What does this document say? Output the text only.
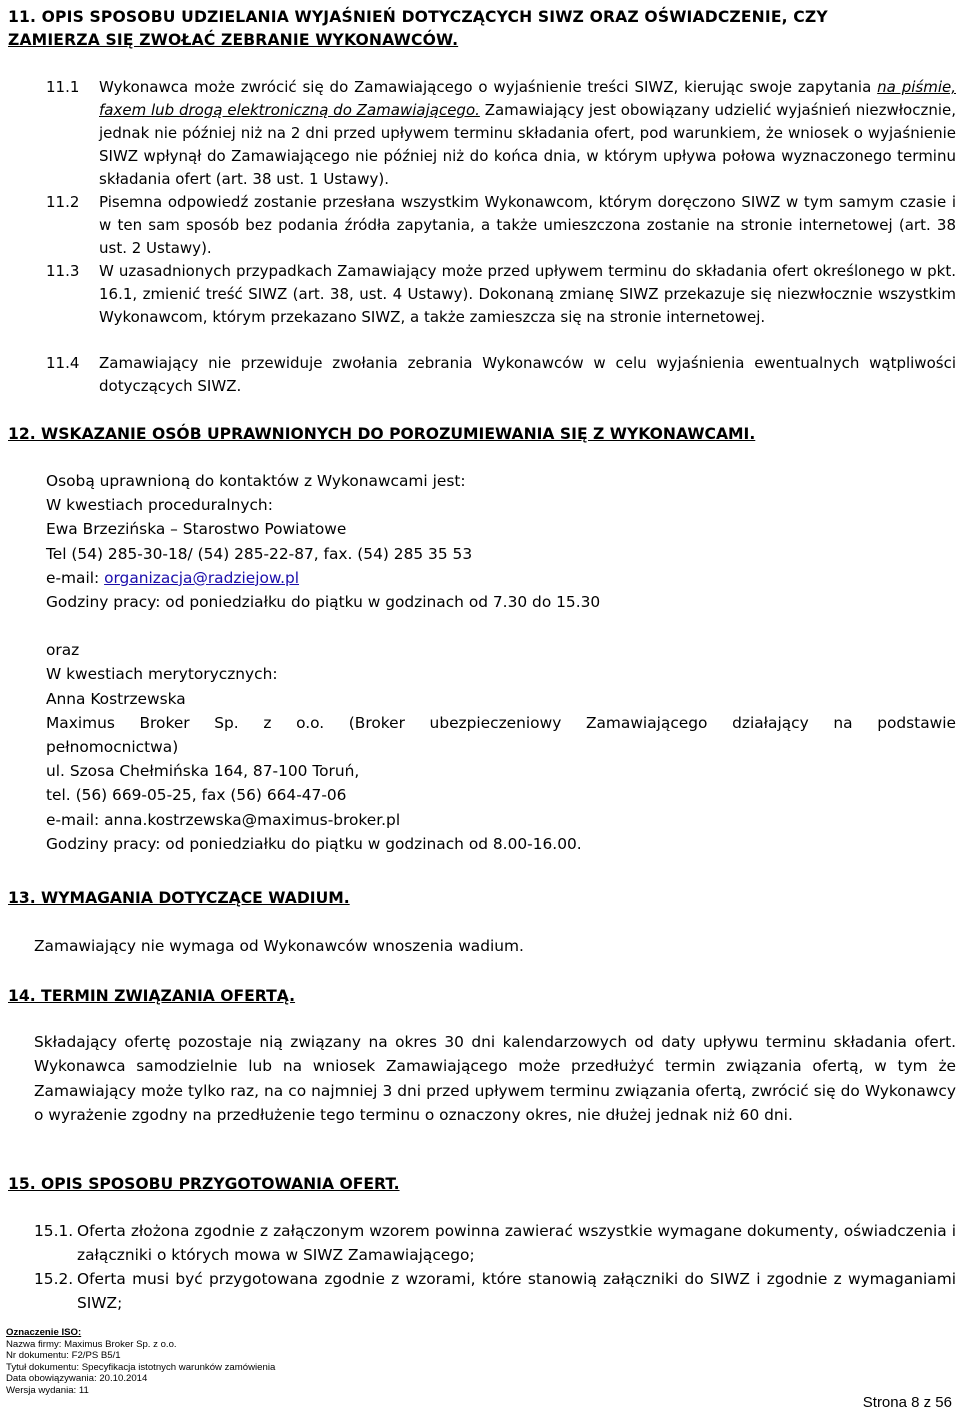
11. OPIS SPOSOBU UDZIELANIA WYJAŚNIEŃ DOTYCZĄCYCH SIWZ ORAZ OŚWIADCZENIE, CZY
ZAMIERZA SIĘ ZWOŁAĆ ZEBRANIE WYKONAWCÓW.
11.1 Wykonawca może zwrócić się do Zamawiającego o wyjaśnienie treści SIWZ, kierując swoje zapytania na piśmie, faxem lub drogą elektroniczną do Zamawiającego. Zamawiający jest obowiązany udzielić wyjaśnień niezwłocznie, jednak nie później niż na 2 dni przed upływem terminu składania ofert, pod warunkiem, że wniosek o wyjaśnienie SIWZ wpłynął do Zamawiającego nie później niż do końca dnia, w którym upływa połowa wyznaczonego terminu składania ofert (art. 38 ust. 1 Ustawy).
11.2 Pisemna odpowiedź zostanie przesłana wszystkim Wykonawcom, którym doręczono SIWZ w tym samym czasie i w ten sam sposób bez podania źródła zapytania, a także umieszczona zostanie na stronie internetowej (art. 38 ust. 2 Ustawy).
11.3 W uzasadnionych przypadkach Zamawiający może przed upływem terminu do składania ofert określonego w pkt. 16.1, zmienić treść SIWZ (art. 38, ust. 4 Ustawy). Dokonaną zmianę SIWZ przekazuje się niezwłocznie wszystkim Wykonawcom, którym przekazano SIWZ, a także zamieszcza się na stronie internetowej.
11.4 Zamawiający nie przewiduje zwołania zebrania Wykonawców w celu wyjaśnienia ewentualnych wątpliwości dotyczących SIWZ.
12. WSKAZANIE OSÓB UPRAWNIONYCH DO POROZUMIEWANIA SIĘ Z WYKONAWCAMI.
Osobą uprawnioną do kontaktów z Wykonawcami jest:
W kwestiach proceduralnych:
Ewa Brzezińska – Starostwo Powiatowe
Tel (54) 285-30-18/ (54) 285-22-87, fax. (54) 285 35 53
e-mail: organizacja@radziejow.pl
Godziny pracy: od poniedziałku do piątku w godzinach od 7.30 do 15.30
oraz
W kwestiach merytorycznych:
Anna Kostrzewska
Maximus Broker Sp. z o.o. (Broker ubezpieczeniowy Zamawiającego działający na podstawie
pełnomocnictwa)
ul. Szosa Chełmińska 164, 87-100 Toruń,
tel. (56) 669-05-25, fax (56) 664-47-06
e-mail: anna.kostrzewska@maximus-broker.pl
Godziny pracy: od poniedziałku do piątku w godzinach od 8.00-16.00.
13. WYMAGANIA DOTYCZĄCE WADIUM.
Zamawiający nie wymaga od Wykonawców wnoszenia wadium.
14. TERMIN ZWIĄZANIA OFERTĄ.
Składający ofertę pozostaje nią związany na okres 30 dni kalendarzowych od daty upływu terminu składania ofert. Wykonawca samodzielnie lub na wniosek Zamawiającego może przedłużyć termin związania ofertą, w tym że Zamawiający może tylko raz, na co najmniej 3 dni przed upływem terminu związania ofertą, zwrócić się do Wykonawcy o wyrażenie zgodny na przedłużenie tego terminu o oznaczony okres, nie dłużej jednak niż 60 dni.
15. OPIS SPOSOBU PRZYGOTOWANIA OFERT.
15.1. Oferta złożona zgodnie z załączonym wzorem powinna zawierać wszystkie wymagane dokumenty, oświadczenia i załączniki o których mowa w SIWZ Zamawiającego;
15.2. Oferta musi być przygotowana zgodnie z wzorami, które stanowią załączniki do SIWZ i zgodnie z wymaganiami SIWZ;
Oznaczenie ISO:
Nazwa firmy: Maximus Broker Sp. z o.o.
Nr dokumentu: F2/PS B5/1
Tytuł dokumentu: Specyfikacja istotnych warunków zamówienia
Data obowiązywania: 20.10.2014
Wersja wydania: 11
Strona 8 z 56
